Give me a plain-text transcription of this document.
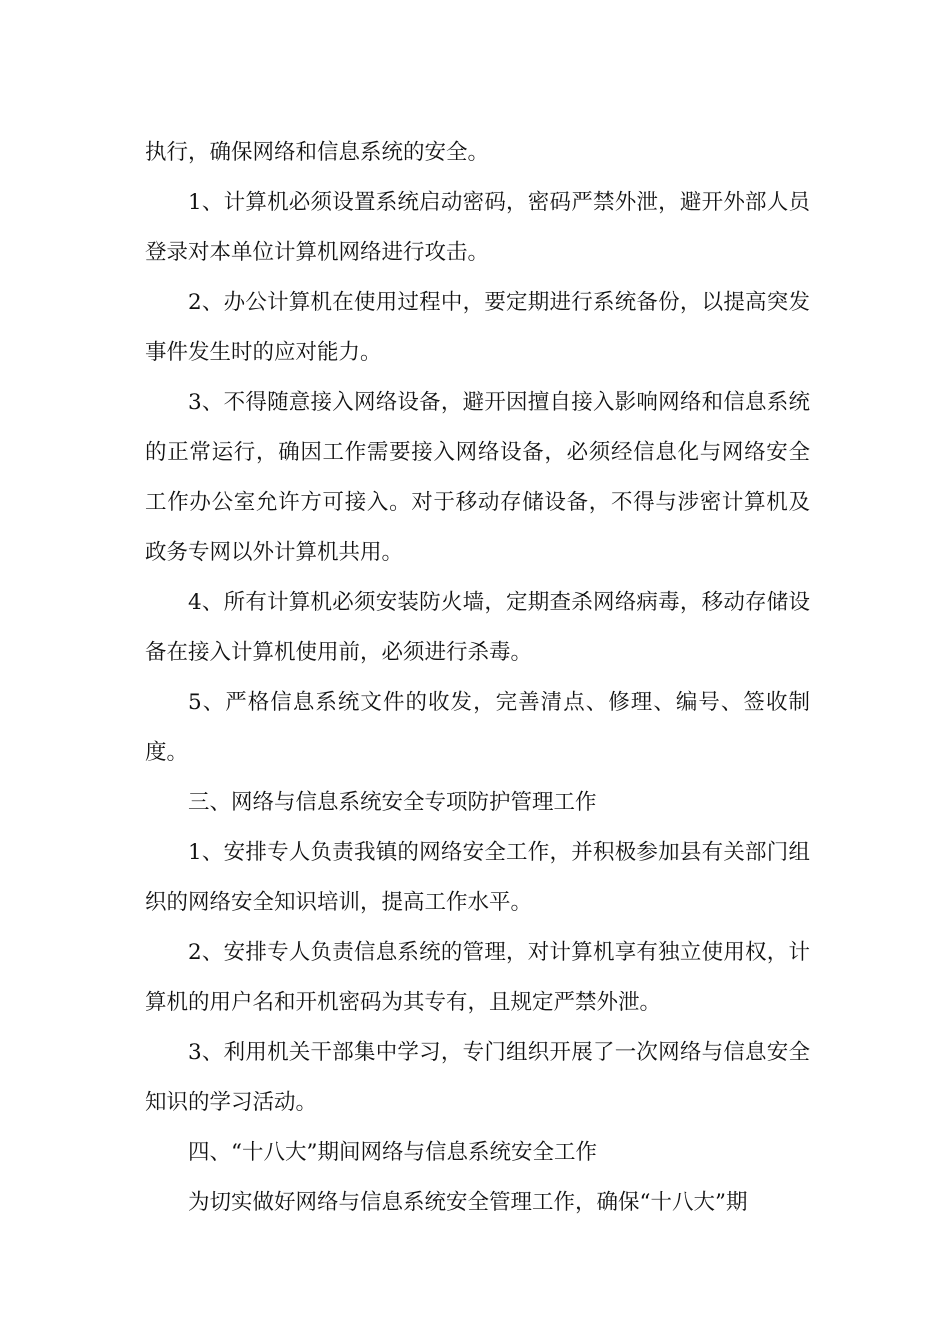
执行，确保网络和信息系统的安全。

1、计算机必须设置系统启动密码，密码严禁外泄，避开外部人员登录对本单位计算机网络进行攻击。

2、办公计算机在使用过程中，要定期进行系统备份，以提高突发事件发生时的应对能力。

3、不得随意接入网络设备，避开因擅自接入影响网络和信息系统的正常运行，确因工作需要接入网络设备，必须经信息化与网络安全工作办公室允许方可接入。对于移动存储设备，不得与涉密计算机及政务专网以外计算机共用。

4、所有计算机必须安装防火墙，定期查杀网络病毒，移动存储设备在接入计算机使用前，必须进行杀毒。

5、严格信息系统文件的收发，完善清点、修理、编号、签收制度。

三、网络与信息系统安全专项防护管理工作

1、安排专人负责我镇的网络安全工作，并积极参加县有关部门组织的网络安全知识培训，提高工作水平。

2、安排专人负责信息系统的管理，对计算机享有独立使用权，计算机的用户名和开机密码为其专有，且规定严禁外泄。

3、利用机关干部集中学习，专门组织开展了一次网络与信息安全知识的学习活动。

四、“十八大”期间网络与信息系统安全工作

为切实做好网络与信息系统安全管理工作，确保“十八大”期
